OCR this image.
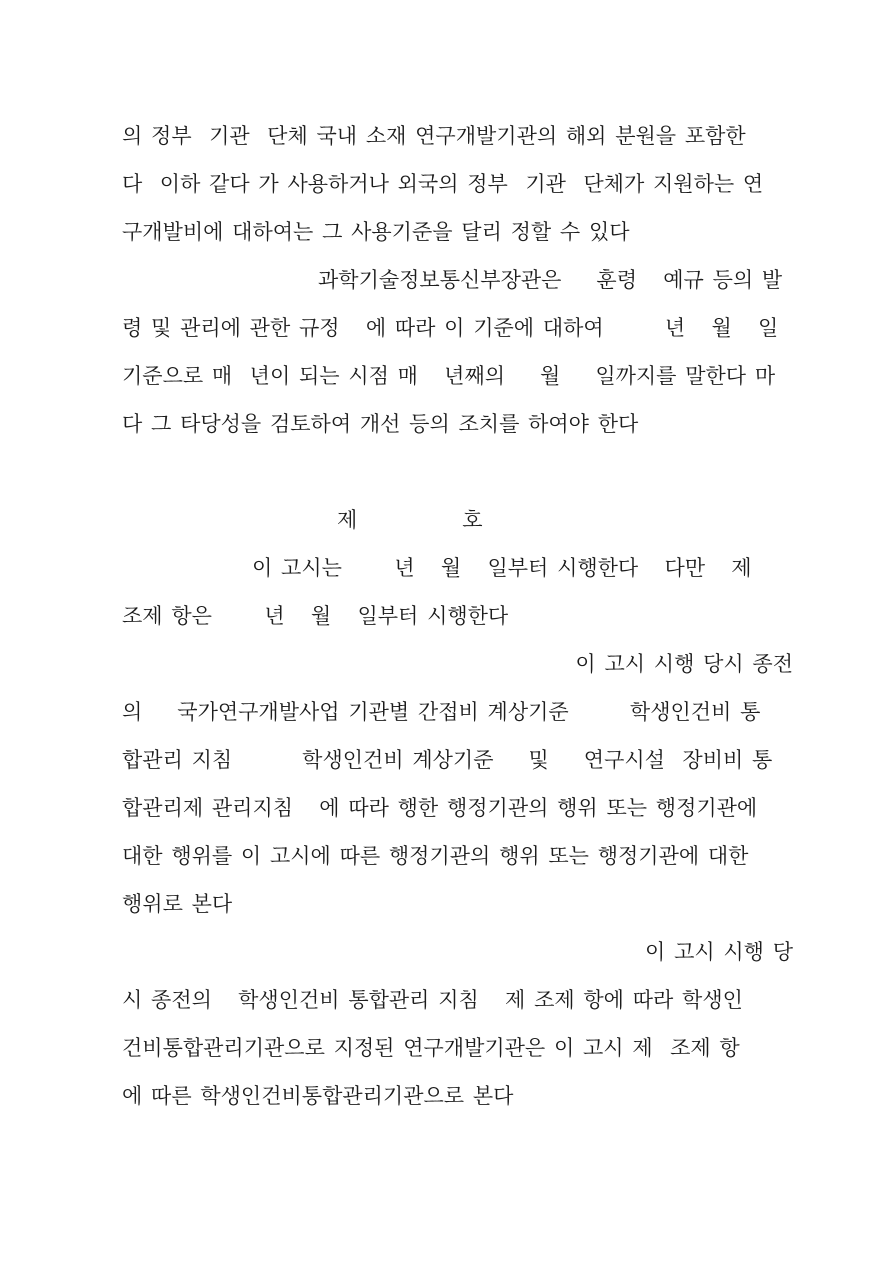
의 정부  기관  단체 국내 소재 연구개발기관의 해외 분원을 포함한
다  이하 같다 가 사용하거나 외국의 정부  기관  단체가 지원하는 연
구개발비에 대하여는 그 사용기준을 달리 정할 수 있다
과학기술정보통신부장관은    훈령   예규 등의 발
령 및 관리에 관한 규정   에 따라 이 기준에 대하여       년   월   일
기준으로 매  년이 되는 시점 매   년째의    월    일까지를 말한다 마
다 그 타당성을 검토하여 개선 등의 조치를 하여야 한다
제            호
이 고시는      년   월   일부터 시행한다   다만   제
조제 항은      년   월   일부터 시행한다
이 고시 시행 당시 종전
의    국가연구개발사업 기관별 간접비 계상기준       학생인건비 통
합관리 지침        학생인건비 계상기준    및    연구시설  장비비 통
합관리제 관리지침   에 따라 행한 행정기관의 행위 또는 행정기관에
대한 행위를 이 고시에 따른 행정기관의 행위 또는 행정기관에 대한
행위로 본다
이 고시 시행 당
시 종전의   학생인건비 통합관리 지침   제 조제 항에 따라 학생인
건비통합관리기관으로 지정된 연구개발기관은 이 고시 제  조제 항
에 따른 학생인건비통합관리기관으로 본다
